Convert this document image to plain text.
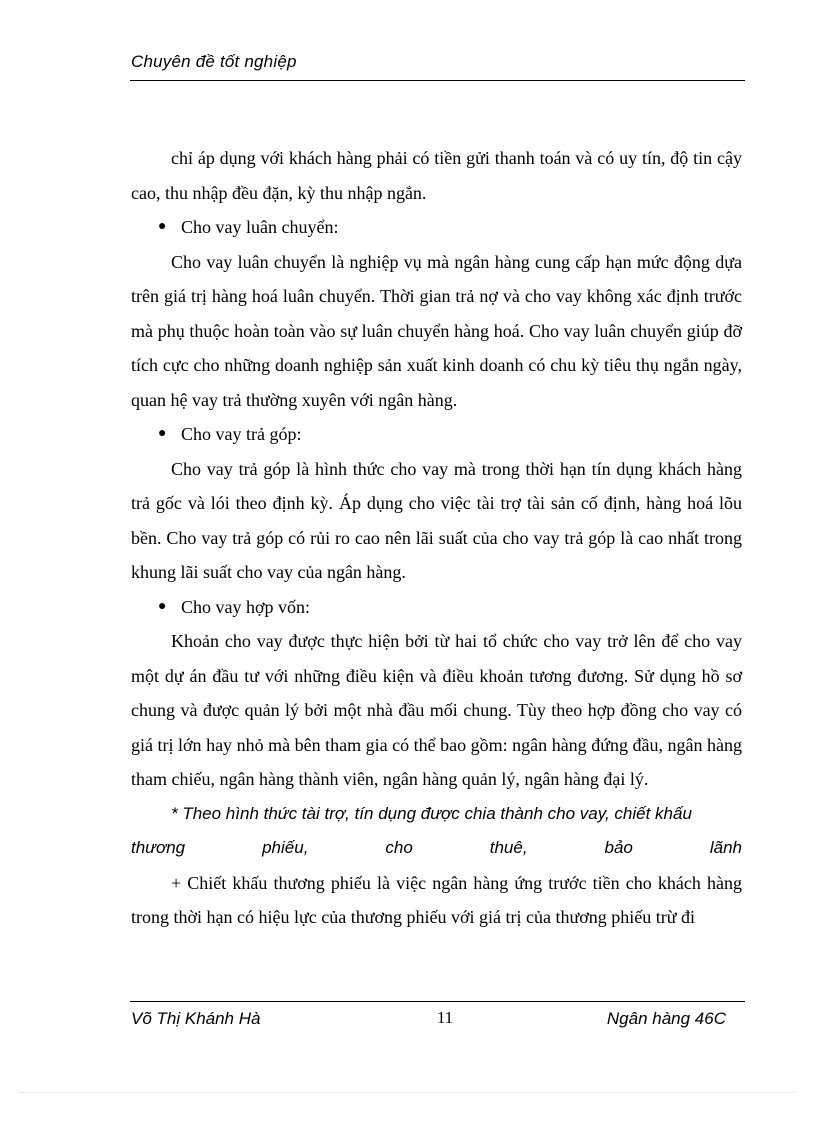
Chuyên đề tốt nghiệp

chỉ áp dụng với khách hàng phải có tiền gửi thanh toán và có uy tín, độ tin cậy cao, thu nhập đều đặn, kỳ thu nhập ngắn.

● Cho vay luân chuyển:

Cho vay luân chuyển là nghiệp vụ mà ngân hàng cung cấp hạn mức động dựa trên giá trị hàng hoá luân chuyển. Thời gian trả nợ và cho vay không xác định trước mà phụ thuộc hoàn toàn vào sự luân chuyển hàng hoá. Cho vay luân chuyển giúp đỡ tích cực cho những doanh nghiệp sản xuất kinh doanh có chu kỳ tiêu thụ ngắn ngày, quan hệ vay trả thường xuyên với ngân hàng.

● Cho vay trả góp:

Cho vay trả góp là hình thức cho vay mà trong thời hạn tín dụng khách hàng trả gốc và lói theo định kỳ. Áp dụng cho việc tài trợ tài sản cố định, hàng hoá lõu bền. Cho vay trả góp có rủi ro cao nên lãi suất của cho vay trả góp là cao nhất trong khung lãi suất cho vay của ngân hàng.

● Cho vay hợp vốn:

Khoản cho vay được thực hiện bởi từ hai tổ chức cho vay trở lên để cho vay một dự án đầu tư với những điều kiện và điều khoản tương đương. Sử dụng hồ sơ chung và được quản lý bởi một nhà đầu mối chung. Tùy theo hợp đồng cho vay có giá trị lớn hay nhỏ mà bên tham gia có thể bao gồm: ngân hàng đứng đầu, ngân hàng tham chiếu, ngân hàng thành viên, ngân hàng quản lý, ngân hàng đại lý.

* Theo hình thức tài trợ, tín dụng được chia thành cho vay, chiết khấu

thương	phiếu,	cho	thuê,	bảo	lãnh

+ Chiết khấu thương phiếu là việc ngân hàng ứng trước tiền cho khách hàng trong thời hạn có hiệu lực của thương phiếu với giá trị của thương phiếu trừ đi

Võ Thị Khánh Hà	11	Ngân hàng 46C
